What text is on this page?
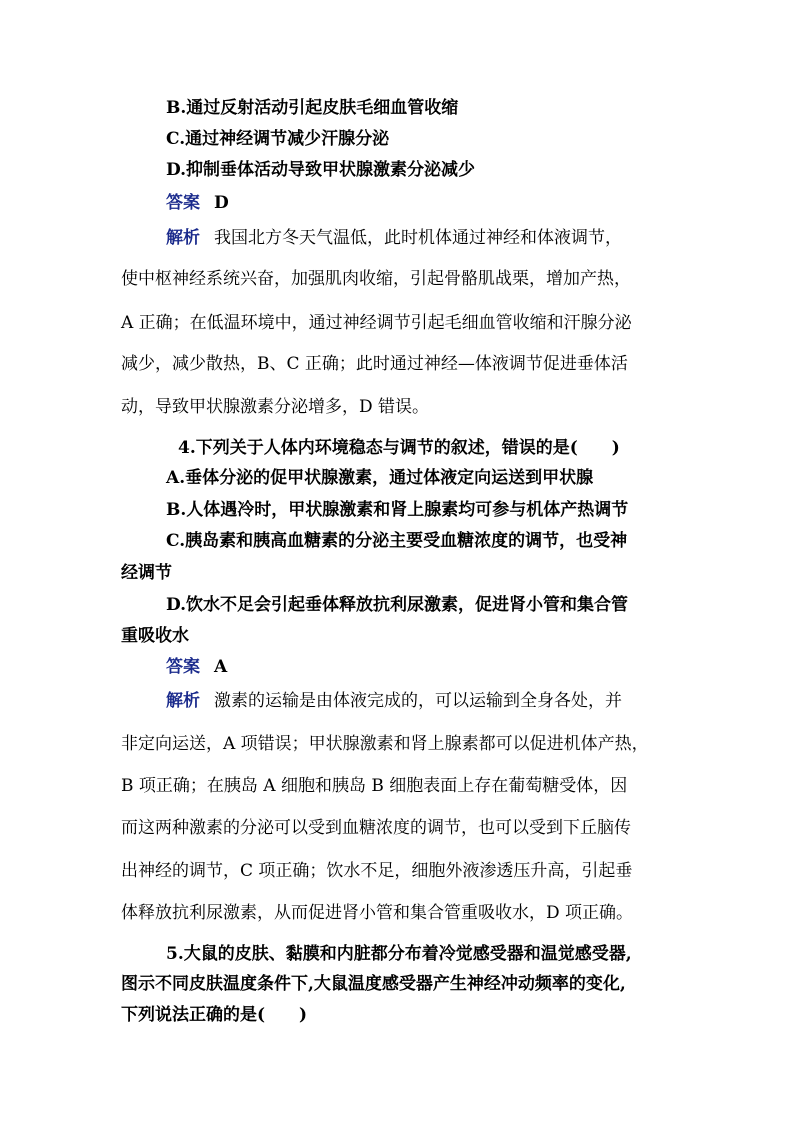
B.通过反射活动引起皮肤毛细血管收缩
C.通过神经调节减少汗腺分泌
D.抑制垂体活动导致甲状腺激素分泌减少
答案 D
解析 我国北方冬天气温低，此时机体通过神经和体液调节，
使中枢神经系统兴奋，加强肌肉收缩，引起骨骼肌战栗，增加产热，
A 正确；在低温环境中，通过神经调节引起毛细血管收缩和汗腺分泌
减少，减少散热，B、C 正确；此时通过神经—体液调节促进垂体活
动，导致甲状腺激素分泌增多，D 错误。
4.下列关于人体内环境稳态与调节的叙述，错误的是(　　)
A.垂体分泌的促甲状腺激素，通过体液定向运送到甲状腺
B.人体遇冷时，甲状腺激素和肾上腺素均可参与机体产热调节
C.胰岛素和胰高血糖素的分泌主要受血糖浓度的调节，也受神
经调节
D.饮水不足会引起垂体释放抗利尿激素，促进肾小管和集合管
重吸收水
答案 A
解析 激素的运输是由体液完成的，可以运输到全身各处，并
非定向运送，A 项错误；甲状腺激素和肾上腺素都可以促进机体产热，
B 项正确；在胰岛 A 细胞和胰岛 B 细胞表面上存在葡萄糖受体，因
而这两种激素的分泌可以受到血糖浓度的调节，也可以受到下丘脑传
出神经的调节，C 项正确；饮水不足，细胞外液渗透压升高，引起垂
体释放抗利尿激素，从而促进肾小管和集合管重吸收水，D 项正确。
5.大鼠的皮肤、黏膜和内脏都分布着冷觉感受器和温觉感受器,
图示不同皮肤温度条件下,大鼠温度感受器产生神经冲动频率的变化,
下列说法正确的是(　　)
